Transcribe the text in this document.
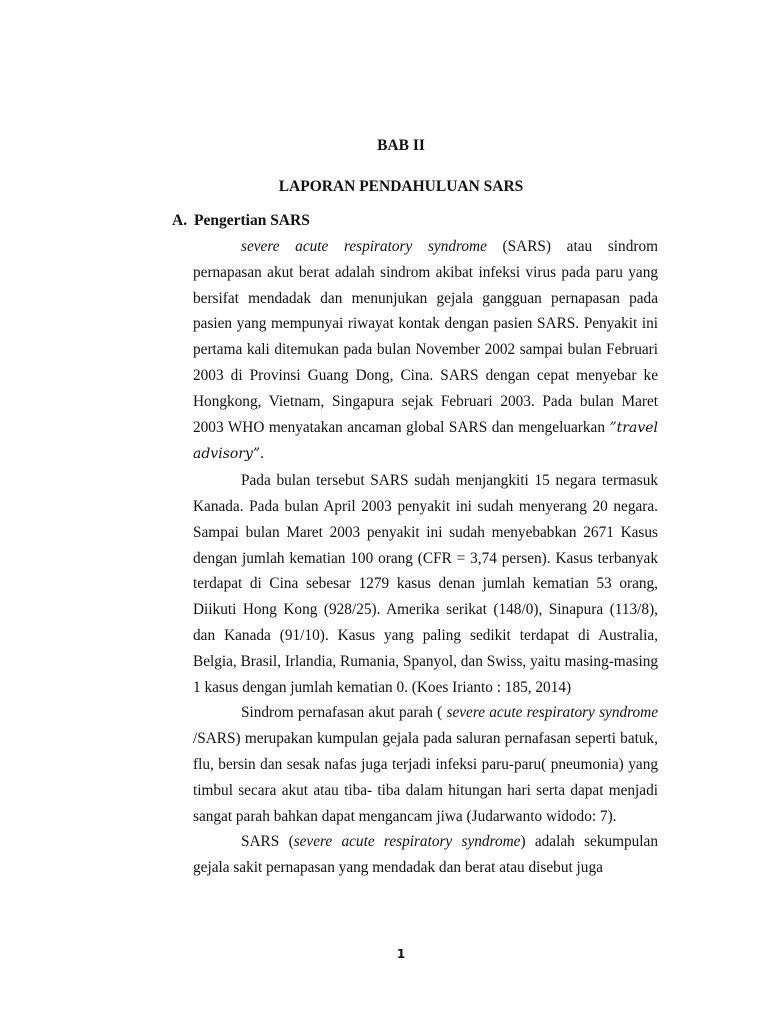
BAB II
LAPORAN PENDAHULUAN SARS
A. Pengertian SARS

severe acute respiratory syndrome (SARS) atau sindrom pernapasan akut berat adalah sindrom akibat infeksi virus pada paru yang bersifat mendadak dan menunjukan gejala gangguan pernapasan pada pasien yang mempunyai riwayat kontak dengan pasien SARS. Penyakit ini pertama kali ditemukan pada bulan November 2002 sampai bulan Februari 2003 di Provinsi Guang Dong, Cina. SARS dengan cepat menyebar ke Hongkong, Vietnam, Singapura sejak Februari 2003. Pada bulan Maret 2003 WHO menyatakan ancaman global SARS dan mengeluarkan ”travel advisory”.

Pada bulan tersebut SARS sudah menjangkiti 15 negara termasuk Kanada. Pada bulan April 2003 penyakit ini sudah menyerang 20 negara. Sampai bulan Maret 2003 penyakit ini sudah menyebabkan 2671 Kasus dengan jumlah kematian 100 orang (CFR = 3,74 persen). Kasus terbanyak terdapat di Cina sebesar 1279 kasus denan jumlah kematian 53 orang, Diikuti Hong Kong (928/25). Amerika serikat (148/0), Sinapura (113/8), dan Kanada (91/10). Kasus yang paling sedikit terdapat di Australia, Belgia, Brasil, Irlandia, Rumania, Spanyol, dan Swiss, yaitu masing-masing 1 kasus dengan jumlah kematian 0. (Koes Irianto : 185, 2014)

Sindrom pernafasan akut parah ( severe acute respiratory syndrome /SARS) merupakan kumpulan gejala pada saluran pernafasan seperti batuk, flu, bersin dan sesak nafas juga terjadi infeksi paru-paru( pneumonia) yang timbul secara akut atau tiba- tiba dalam hitungan hari serta dapat menjadi sangat parah bahkan dapat mengancam jiwa (Judarwanto widodo: 7).

SARS (severe acute respiratory syndrome) adalah sekumpulan gejala sakit pernapasan yang mendadak dan berat atau disebut juga

1
